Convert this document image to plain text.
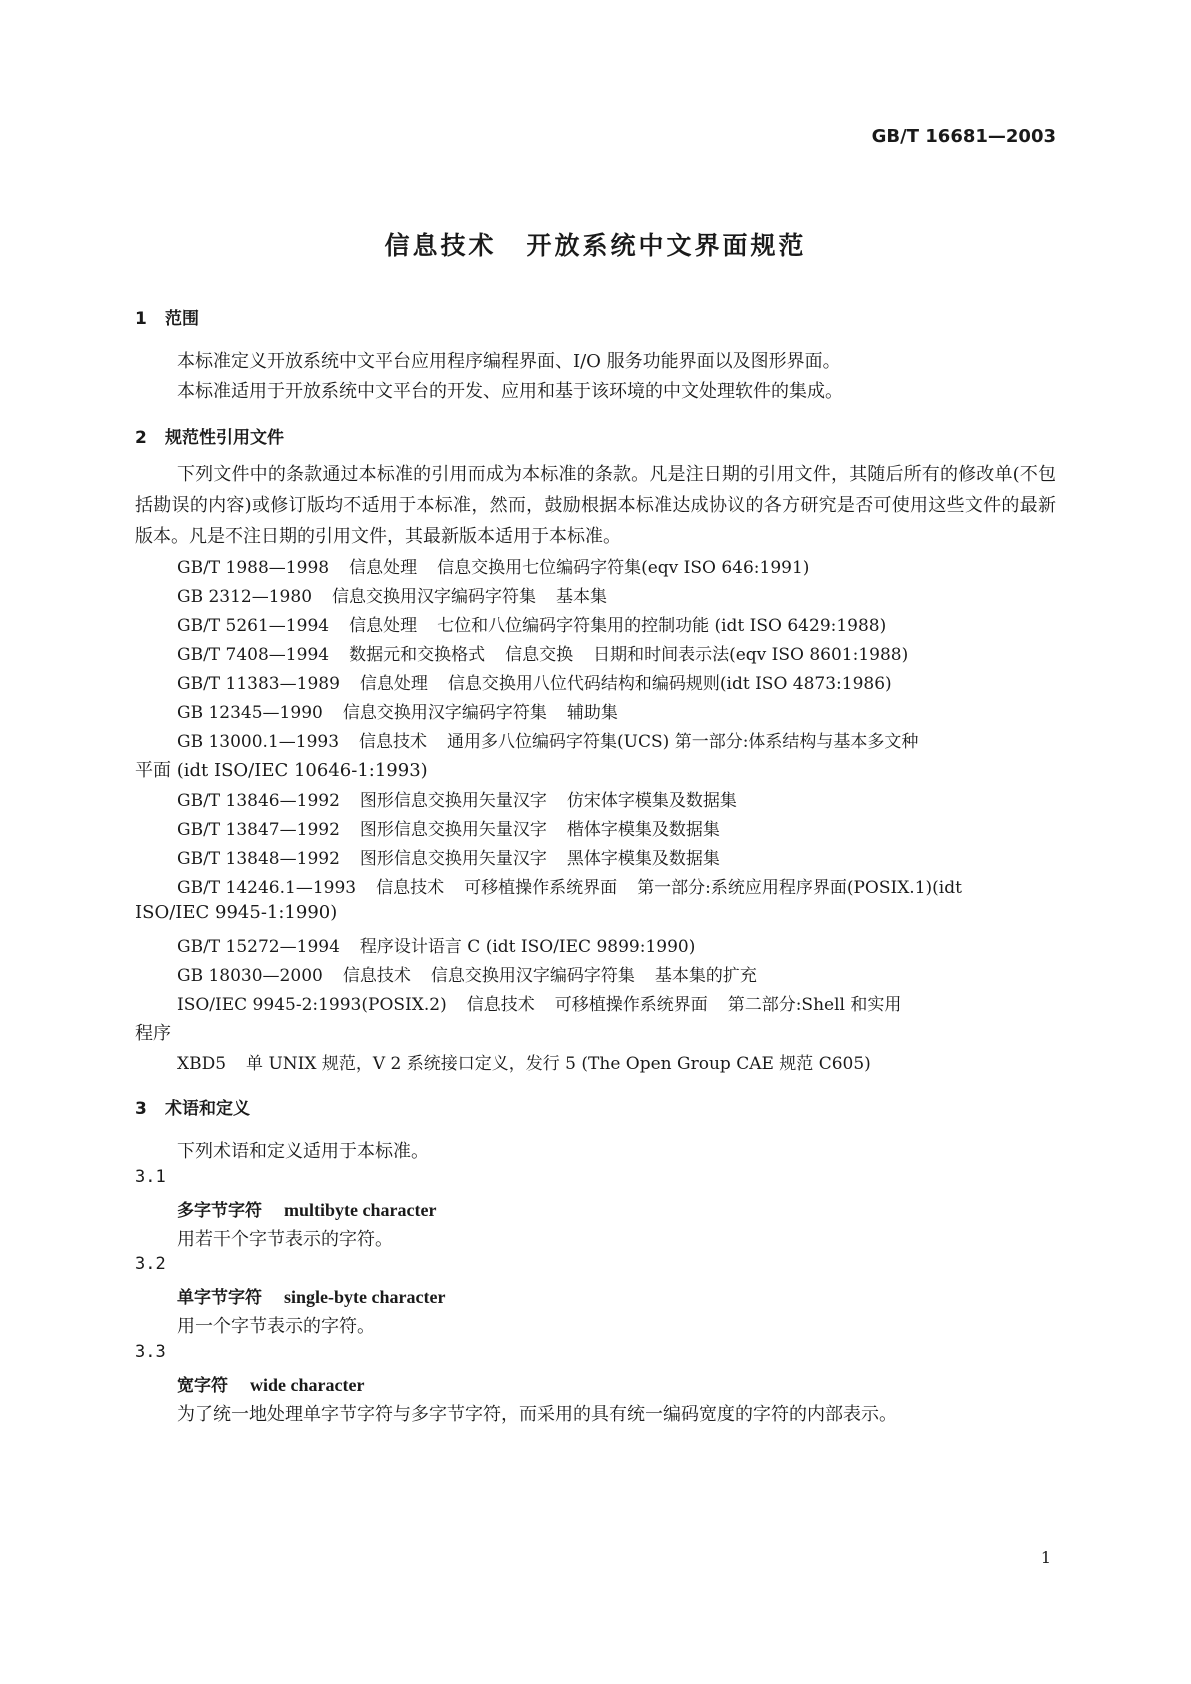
GB/T 16681—2003
信息技术 开放系统中文界面规范
1 范围
本标准定义开放系统中文平台应用程序编程界面、I/O 服务功能界面以及图形界面。
本标准适用于开放系统中文平台的开发、应用和基于该环境的中文处理软件的集成。
2 规范性引用文件
下列文件中的条款通过本标准的引用而成为本标准的条款。凡是注日期的引用文件，其随后所有的修改单(不包括勘误的内容)或修订版均不适用于本标准，然而，鼓励根据本标准达成协议的各方研究是否可使用这些文件的最新版本。凡是不注日期的引用文件，其最新版本适用于本标准。
GB/T 1988—1998 信息处理 信息交换用七位编码字符集(eqv ISO 646:1991)
GB 2312—1980 信息交换用汉字编码字符集 基本集
GB/T 5261—1994 信息处理 七位和八位编码字符集用的控制功能 (idt ISO 6429:1988)
GB/T 7408—1994 数据元和交换格式 信息交换 日期和时间表示法(eqv ISO 8601:1988)
GB/T 11383—1989 信息处理 信息交换用八位代码结构和编码规则(idt ISO 4873:1986)
GB 12345—1990 信息交换用汉字编码字符集 辅助集
GB 13000.1—1993 信息技术 通用多八位编码字符集(UCS) 第一部分:体系结构与基本多文种
平面 (idt ISO/IEC 10646-1:1993)
GB/T 13846—1992 图形信息交换用矢量汉字 仿宋体字模集及数据集
GB/T 13847—1992 图形信息交换用矢量汉字 楷体字模集及数据集
GB/T 13848—1992 图形信息交换用矢量汉字 黑体字模集及数据集
GB/T 14246.1—1993 信息技术 可移植操作系统界面 第一部分:系统应用程序界面(POSIX.1)(idt
ISO/IEC 9945-1:1990)
GB/T 15272—1994 程序设计语言 C (idt ISO/IEC 9899:1990)
GB 18030—2000 信息技术 信息交换用汉字编码字符集 基本集的扩充
ISO/IEC 9945-2:1993(POSIX.2) 信息技术 可移植操作系统界面 第二部分:Shell 和实用
程序
XBD5 单 UNIX 规范，V 2 系统接口定义，发行 5 (The Open Group CAE 规范 C605)
3 术语和定义
下列术语和定义适用于本标准。
3.1
多字节字符 multibyte character
用若干个字节表示的字符。
3.2
单字节字符 single-byte character
用一个字节表示的字符。
3.3
宽字符 wide character
为了统一地处理单字节字符与多字节字符，而采用的具有统一编码宽度的字符的内部表示。
1
